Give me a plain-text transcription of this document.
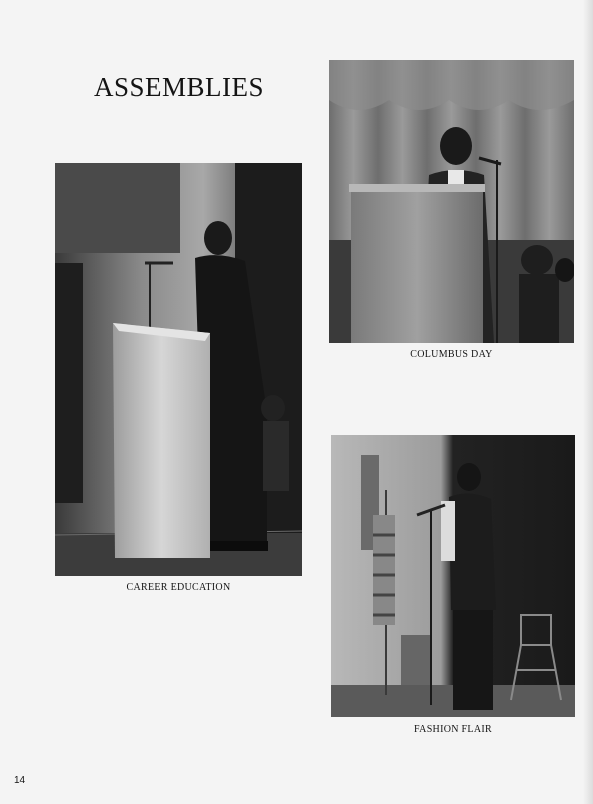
ASSEMBLIES
CAREER EDUCATION
COLUMBUS DAY
FASHION FLAIR
14
